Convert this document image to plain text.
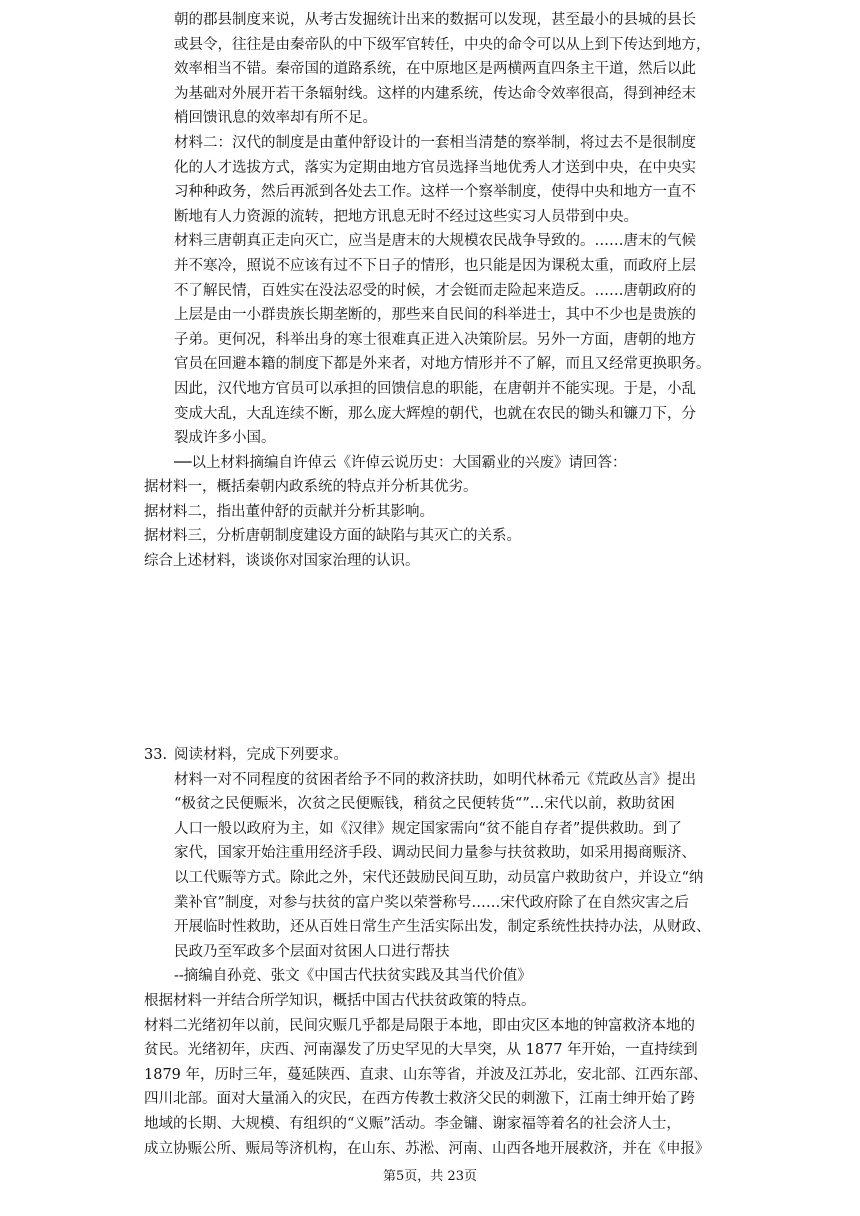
朝的郡县制度来说，从考古发掘统计出来的数据可以发现，甚至最小的县城的县长

或县令，往往是由秦帝队的中下级军官转任，中央的命令可以从上到下传达到地方，

效率相当不错。秦帝国的道路系统，在中原地区是两横两直四条主干道，然后以此

为基础对外展开若干条辐射线。这样的内建系统，传达命令效率很高，得到神经末

梢回馈讯息的效率却有所不足。

材料二：汉代的制度是由董仲舒设计的一套相当清楚的察举制，将过去不是很制度

化的人才选拔方式，落实为定期由地方官员选择当地优秀人才送到中央，在中央实

习种种政务，然后再派到各处去工作。这样一个察举制度，使得中央和地方一直不

断地有人力资源的流转，把地方讯息无时不经过这些实习人员带到中央。

材料三唐朝真正走向灭亡，应当是唐末的大规模农民战争导致的。……唐末的气候

并不寒冷，照说不应该有过不下日子的情形，也只能是因为课税太重，而政府上层

不了解民情，百姓实在没法忍受的时候，才会铤而走险起来造反。……唐朝政府的

上层是由一小群贵族长期垄断的，那些来自民间的科举进士，其中不少也是贵族的

子弟。更何况，科举出身的寒士很难真正进入决策阶层。另外一方面，唐朝的地方

官员在回避本籍的制度下都是外来者，对地方情形并不了解，而且又经常更换职务。

因此，汉代地方官员可以承担的回馈信息的职能，在唐朝并不能实现。于是，小乱

变成大乱，大乱连续不断，那么庞大辉煌的朝代，也就在农民的锄头和镰刀下，分

裂成许多小国。

──以上材料摘编自许倬云《许倬云说历史：大国霸业的兴废》请回答：

据材料一，概括秦朝内政系统的特点并分析其优劣。

据材料二，指出董仲舒的贡献并分析其影响。

据材料三，分析唐朝制度建设方面的缺陷与其灭亡的关系。

综合上述材料，谈谈你对国家治理的认识。

33. 阅读材料，完成下列要求。

材料一对不同程度的贫困者给予不同的救济扶助，如明代林希元《荒政丛言》提出

“极贫之民便赈米，次贫之民便赈钱，稍贫之民便转货“”…宋代以前，救助贫困

人口一般以政府为主，如《汉律》规定国家需向“贫不能自存者”提供救助。到了

家代，国家开始注重用经济手段、调动民间力量参与扶贫救助，如采用揭商赈济、

以工代赈等方式。除此之外，宋代还鼓励民间互助，动员富户救助贫户，并设立“纳

業补官”制度，对参与扶贫的富户奖以荣誉称号……宋代政府除了在自然灾害之后

开展临时性救助，还从百姓日常生产生活实际出发，制定系统性扶持办法，从财政、

民政乃至军政多个层面对贫困人口进行帮扶

--摘编自孙竞、张文《中国古代扶贫实践及其当代价值》

根据材料一并结合所学知识，概括中国古代扶贫政策的特点。

材料二光绪初年以前，民间灾赈几乎都是局限于本地，即由灾区本地的钟富救济本地的

贫民。光绪初年，庆西、河南瀑发了历史罕见的大旱突，从 1877 年开始，一直持续到

1879 年，历时三年，蔓延陕西、直隶、山东等省，并波及江苏北，安北部、江西东部、

四川北部。面对大量涌入的灾民，在西方传教士救济父民的刺激下，江南士绅开始了跨

地域的长期、大规模、有组织的“义赈”活动。李金镛、谢家福等着名的社会济人士，

成立协赈公所、赈局等济机构，在山东、苏淞、河南、山西各地开展救济，并在《申报》

第5页，共 23页
